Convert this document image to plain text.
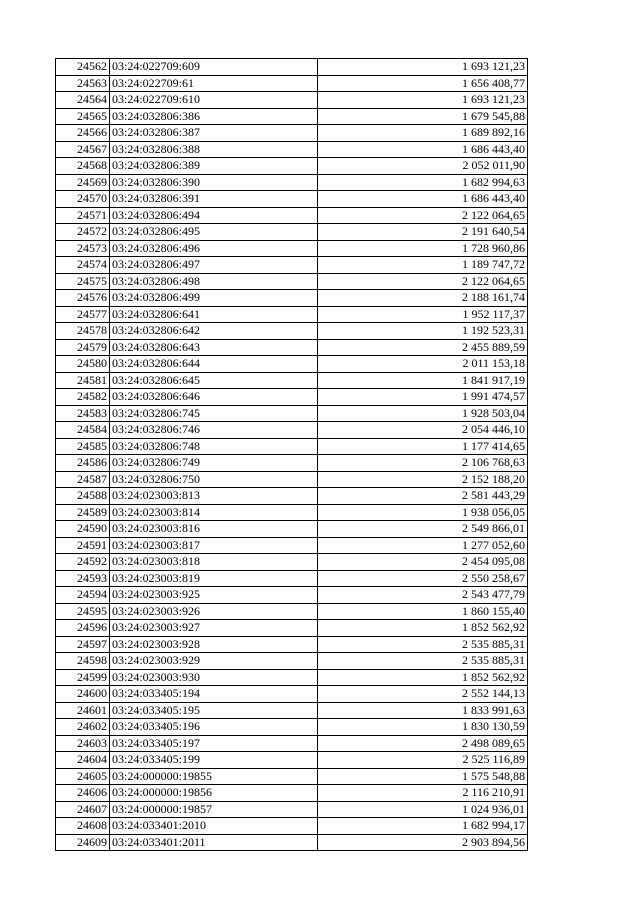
24562	03:24:022709:609	1 693 121,23
24563	03:24:022709:61	1 656 408,77
24564	03:24:022709:610	1 693 121,23
24565	03:24:032806:386	1 679 545,88
24566	03:24:032806:387	1 689 892,16
24567	03:24:032806:388	1 686 443,40
24568	03:24:032806:389	2 052 011,90
24569	03:24:032806:390	1 682 994,63
24570	03:24:032806:391	1 686 443,40
24571	03:24:032806:494	2 122 064,65
24572	03:24:032806:495	2 191 640,54
24573	03:24:032806:496	1 728 960,86
24574	03:24:032806:497	1 189 747,72
24575	03:24:032806:498	2 122 064,65
24576	03:24:032806:499	2 188 161,74
24577	03:24:032806:641	1 952 117,37
24578	03:24:032806:642	1 192 523,31
24579	03:24:032806:643	2 455 889,59
24580	03:24:032806:644	2 011 153,18
24581	03:24:032806:645	1 841 917,19
24582	03:24:032806:646	1 991 474,57
24583	03:24:032806:745	1 928 503,04
24584	03:24:032806:746	2 054 446,10
24585	03:24:032806:748	1 177 414,65
24586	03:24:032806:749	2 106 768,63
24587	03:24:032806:750	2 152 188,20
24588	03:24:023003:813	2 581 443,29
24589	03:24:023003:814	1 938 056,05
24590	03:24:023003:816	2 549 866,01
24591	03:24:023003:817	1 277 052,60
24592	03:24:023003:818	2 454 095,08
24593	03:24:023003:819	2 550 258,67
24594	03:24:023003:925	2 543 477,79
24595	03:24:023003:926	1 860 155,40
24596	03:24:023003:927	1 852 562,92
24597	03:24:023003:928	2 535 885,31
24598	03:24:023003:929	2 535 885,31
24599	03:24:023003:930	1 852 562,92
24600	03:24:033405:194	2 552 144,13
24601	03:24:033405:195	1 833 991,63
24602	03:24:033405:196	1 830 130,59
24603	03:24:033405:197	2 498 089,65
24604	03:24:033405:199	2 525 116,89
24605	03:24:000000:19855	1 575 548,88
24606	03:24:000000:19856	2 116 210,91
24607	03:24:000000:19857	1 024 936,01
24608	03:24:033401:2010	1 682 994,17
24609	03:24:033401:2011	2 903 894,56
